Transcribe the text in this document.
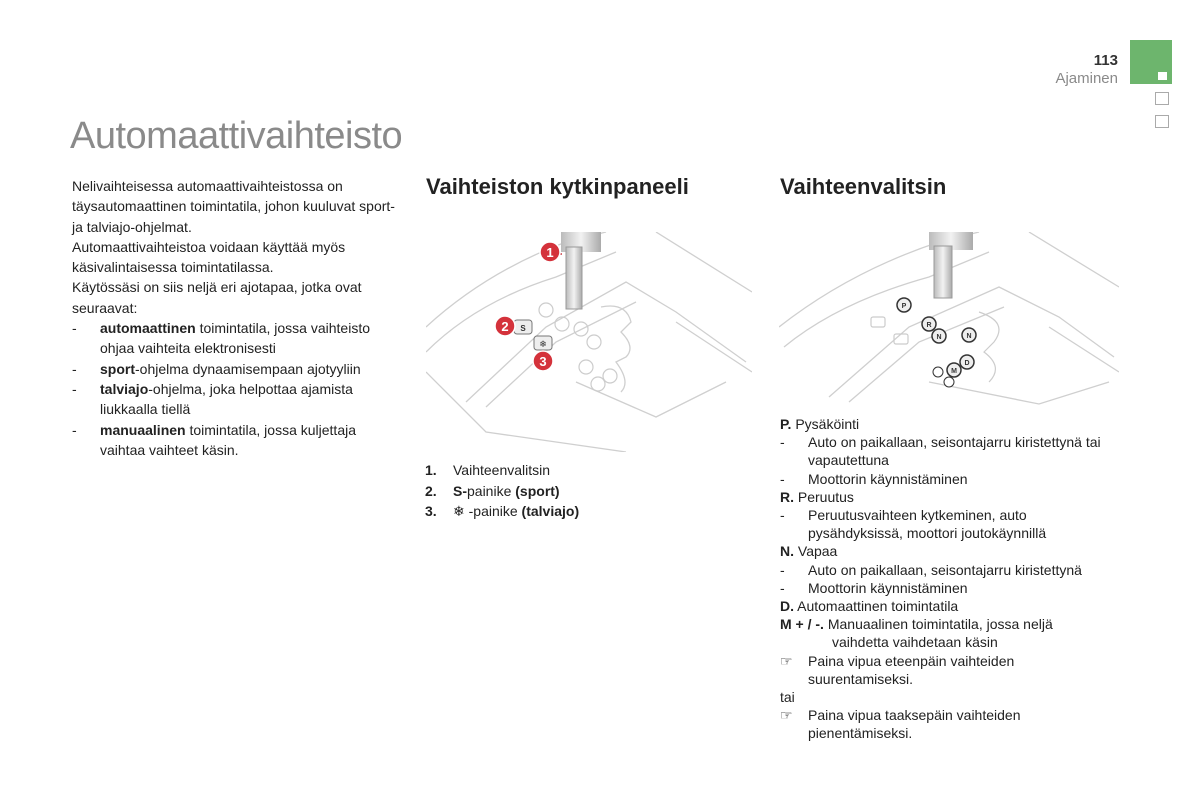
113
Ajaminen
Automaattivaihteisto

Nelivaihteisessa automaattivaihteistossa on täysautomaattinen toimintatila, johon kuuluvat sport- ja talviajo-ohjelmat.

Automaattivaihteistoa voidaan käyttää myös käsivalintaisessa toimintatilassa.

Käytössäsi on siis neljä eri ajotapaa, jotka ovat seuraavat:

- automaattinen toimintatila, jossa vaihteisto ohjaa vaihteita elektronisesti
- sport-ohjelma dynaamisempaan ajotyyliin
- talviajo-ohjelma, joka helpottaa ajamista liukkaalla tiellä
- manuaalinen toimintatila, jossa kuljettaja vaihtaa vaihteet käsin.
Vaihteiston kytkinpaneeli
S
❄
1
2
3
1.	Vaihteenvalitsin
2.	S-painike (sport)
3.	❄ -painike (talviajo)
Vaihteenvalitsin
P
R
N	N
M
D
P. Pysäköinti
- Auto on paikallaan, seisontajarru kiristettynä tai vapautettuna
- Moottorin käynnistäminen
R. Peruutus
- Peruutusvaihteen kytkeminen, auto pysähdyksissä, moottori joutokäynnillä
N. Vapaa
- Auto on paikallaan, seisontajarru kiristettynä
- Moottorin käynnistäminen
D. Automaattinen toimintatila
M + / -. Manuaalinen toimintatila, jossa neljä
vaihdetta vaihdetaan käsin
☞ Paina vipua eteenpäin vaihteiden suurentamiseksi.
tai
☞ Paina vipua taaksepäin vaihteiden pienentämiseksi.
